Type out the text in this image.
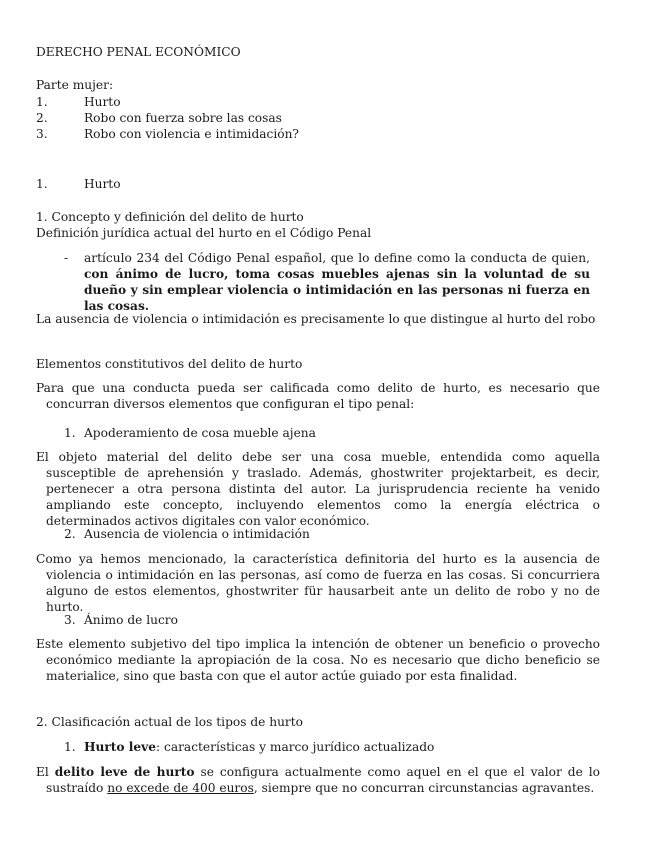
DERECHO PENAL ECONÓMICO
Parte mujer:
1.	Hurto
2.	Robo con fuerza sobre las cosas
3.	Robo con violencia e intimidación?
1.	Hurto
1. Concepto y definición del delito de hurto
Definición jurídica actual del hurto en el Código Penal
- artículo 234 del Código Penal español, que lo define como la conducta de quien, con ánimo de lucro, toma cosas muebles ajenas sin la voluntad de su dueño y sin emplear violencia o intimidación en las personas ni fuerza en las cosas.

La ausencia de violencia o intimidación es precisamente lo que distingue al hurto del robo
Elementos constitutivos del delito de hurto

Para que una conducta pueda ser calificada como delito de hurto, es necesario que concurran diversos elementos que configuran el tipo penal:

1. Apoderamiento de cosa mueble ajena

El objeto material del delito debe ser una cosa mueble, entendida como aquella susceptible de aprehensión y traslado. Además, ghostwriter projektarbeit, es decir, pertenecer a otra persona distinta del autor. La jurisprudencia reciente ha venido ampliando este concepto, incluyendo elementos como la energía eléctrica o determinados activos digitales con valor económico.

2. Ausencia de violencia o intimidación

Como ya hemos mencionado, la característica definitoria del hurto es la ausencia de violencia o intimidación en las personas, así como de fuerza en las cosas. Si concurriera alguno de estos elementos, ghostwriter für hausarbeit ante un delito de robo y no de hurto.

3. Ánimo de lucro

Este elemento subjetivo del tipo implica la intención de obtener un beneficio o provecho económico mediante la apropiación de la cosa. No es necesario que dicho beneficio se materialice, sino que basta con que el autor actúe guiado por esta finalidad.

2. Clasificación actual de los tipos de hurto
1. Hurto leve: características y marco jurídico actualizado

El delito leve de hurto se configura actualmente como aquel en el que el valor de lo sustraído no excede de 400 euros, siempre que no concurran circunstancias agravantes.
